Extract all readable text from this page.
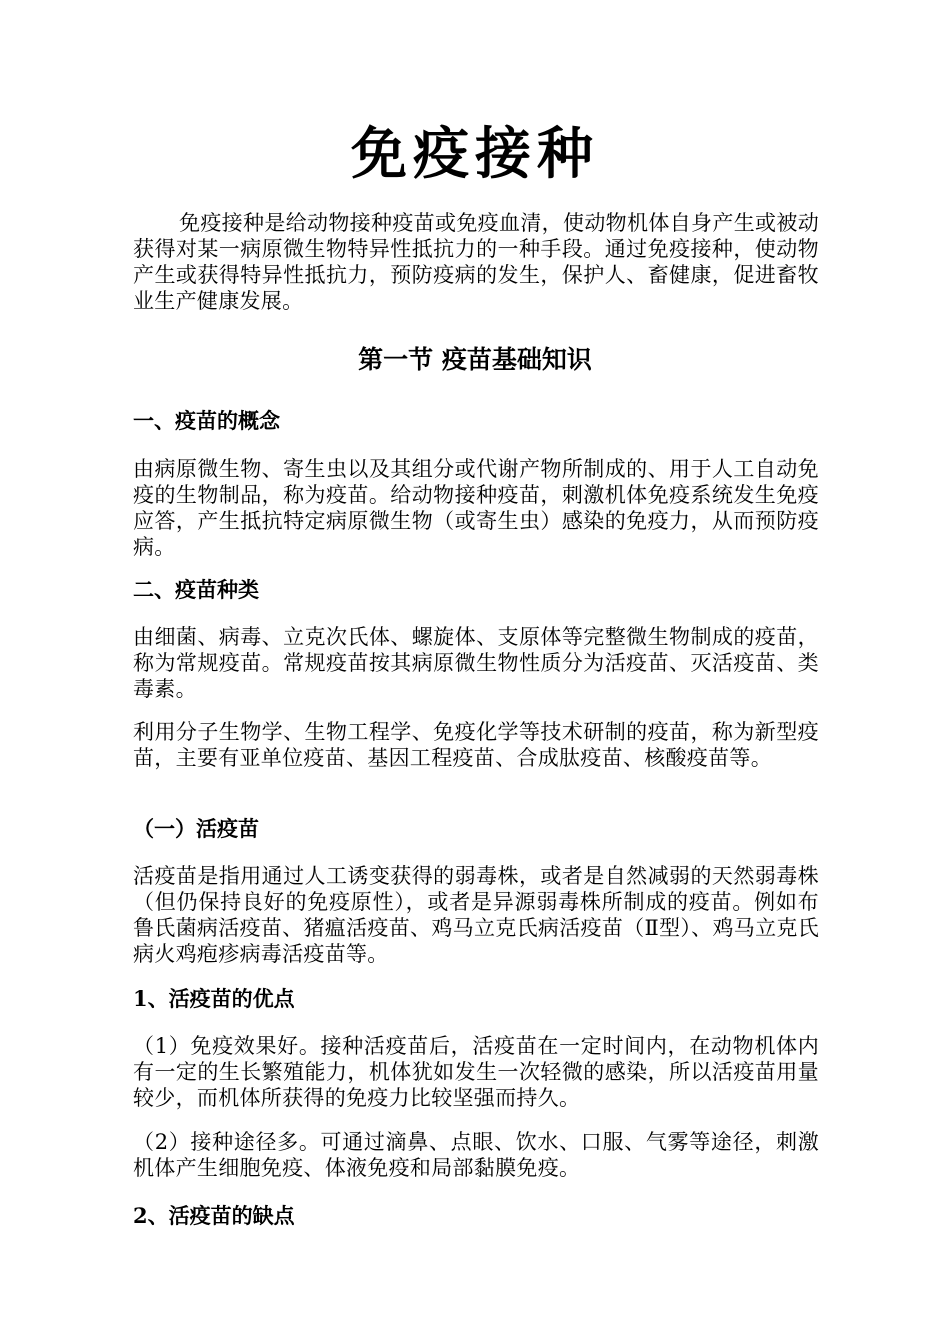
免疫接种

免疫接种是给动物接种疫苗或免疫血清，使动物机体自身产生或被动获得对某一病原微生物特异性抵抗力的一种手段。通过免疫接种，使动物产生或获得特异性抵抗力，预防疫病的发生，保护人、畜健康，促进畜牧业生产健康发展。

第一节 疫苗基础知识
一、疫苗的概念

由病原微生物、寄生虫以及其组分或代谢产物所制成的、用于人工自动免疫的生物制品，称为疫苗。给动物接种疫苗，刺激机体免疫系统发生免疫应答，产生抵抗特定病原微生物（或寄生虫）感染的免疫力，从而预防疫病。

二、疫苗种类

由细菌、病毒、立克次氏体、螺旋体、支原体等完整微生物制成的疫苗，称为常规疫苗。常规疫苗按其病原微生物性质分为活疫苗、灭活疫苗、类毒素。

利用分子生物学、生物工程学、免疫化学等技术研制的疫苗，称为新型疫苗，主要有亚单位疫苗、基因工程疫苗、合成肽疫苗、核酸疫苗等。

（一）活疫苗

活疫苗是指用通过人工诱变获得的弱毒株，或者是自然减弱的天然弱毒株（但仍保持良好的免疫原性），或者是异源弱毒株所制成的疫苗。例如布鲁氏菌病活疫苗、猪瘟活疫苗、鸡马立克氏病活疫苗（Ⅱ型）、鸡马立克氏病火鸡疱疹病毒活疫苗等。

1、活疫苗的优点

（1）免疫效果好。接种活疫苗后，活疫苗在一定时间内，在动物机体内有一定的生长繁殖能力，机体犹如发生一次轻微的感染，所以活疫苗用量较少，而机体所获得的免疫力比较坚强而持久。

（2）接种途径多。可通过滴鼻、点眼、饮水、口服、气雾等途径，刺激机体产生细胞免疫、体液免疫和局部黏膜免疫。

2、活疫苗的缺点
